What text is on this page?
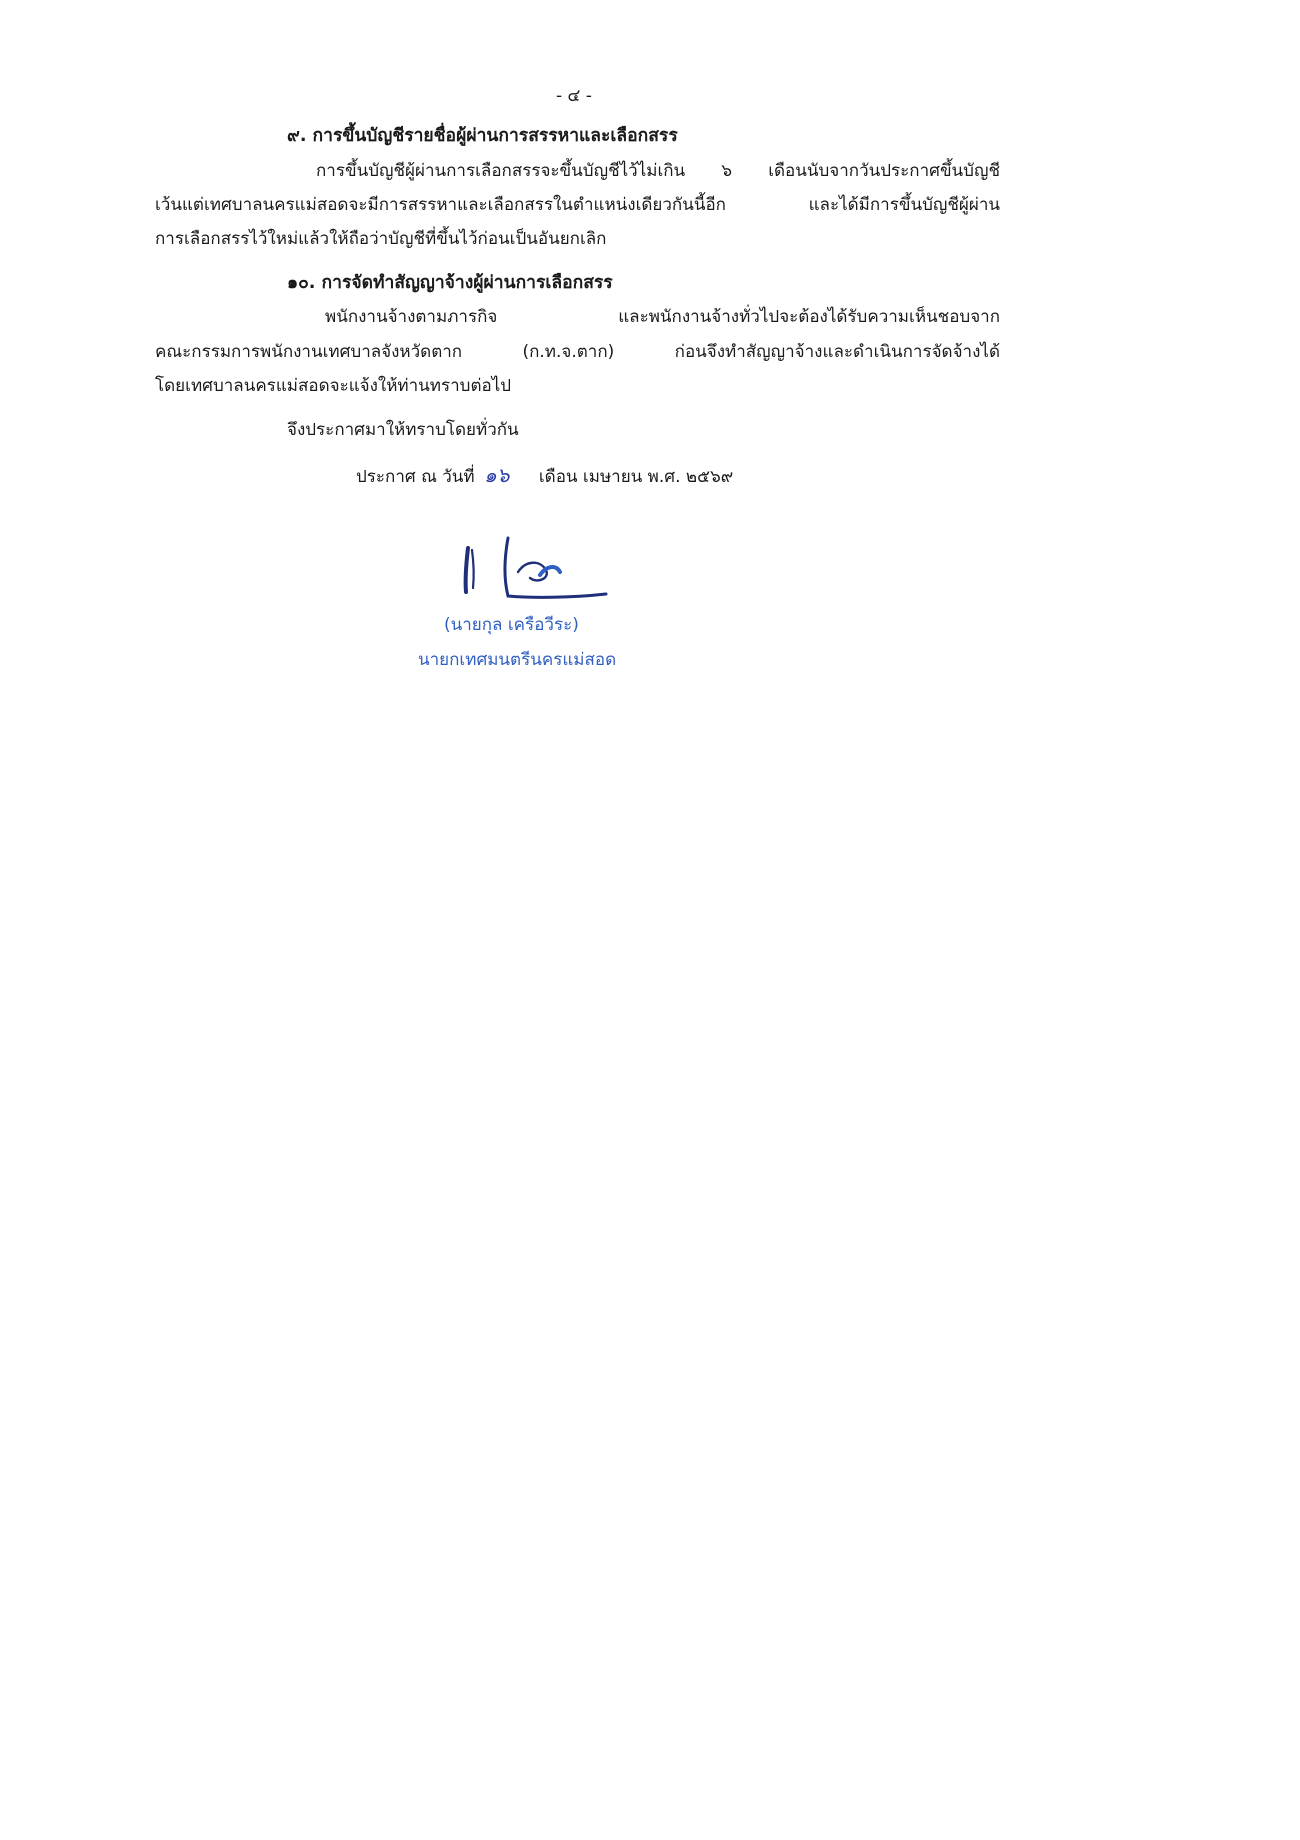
- ๔ -
๙. การขึ้นบัญชีรายชื่อผู้ผ่านการสรรหาและเลือกสรร
การขึ้นบัญชีผู้ผ่านการเลือกสรรจะขึ้นบัญชีไว้ไม่เกิน ๖ เดือนนับจากวันประกาศขึ้นบัญชี
เว้นแต่เทศบาลนครแม่สอดจะมีการสรรหาและเลือกสรรในตำแหน่งเดียวกันนี้อีก และได้มีการขึ้นบัญชีผู้ผ่าน
การเลือกสรรไว้ใหม่แล้วให้ถือว่าบัญชีที่ขึ้นไว้ก่อนเป็นอันยกเลิก
๑๐. การจัดทำสัญญาจ้างผู้ผ่านการเลือกสรร
พนักงานจ้างตามภารกิจ และพนักงานจ้างทั่วไปจะต้องได้รับความเห็นชอบจาก
คณะกรรมการพนักงานเทศบาลจังหวัดตาก (ก.ท.จ.ตาก) ก่อนจึงทำสัญญาจ้างและดำเนินการจัดจ้างได้
โดยเทศบาลนครแม่สอดจะแจ้งให้ท่านทราบต่อไป
จึงประกาศมาให้ทราบโดยทั่วกัน
ประกาศ ณ วันที่ ๑๖ เดือน เมษายน พ.ศ. ๒๕๖๙
(นายกุล เครือวีระ)
นายกเทศมนตรีนครแม่สอด
